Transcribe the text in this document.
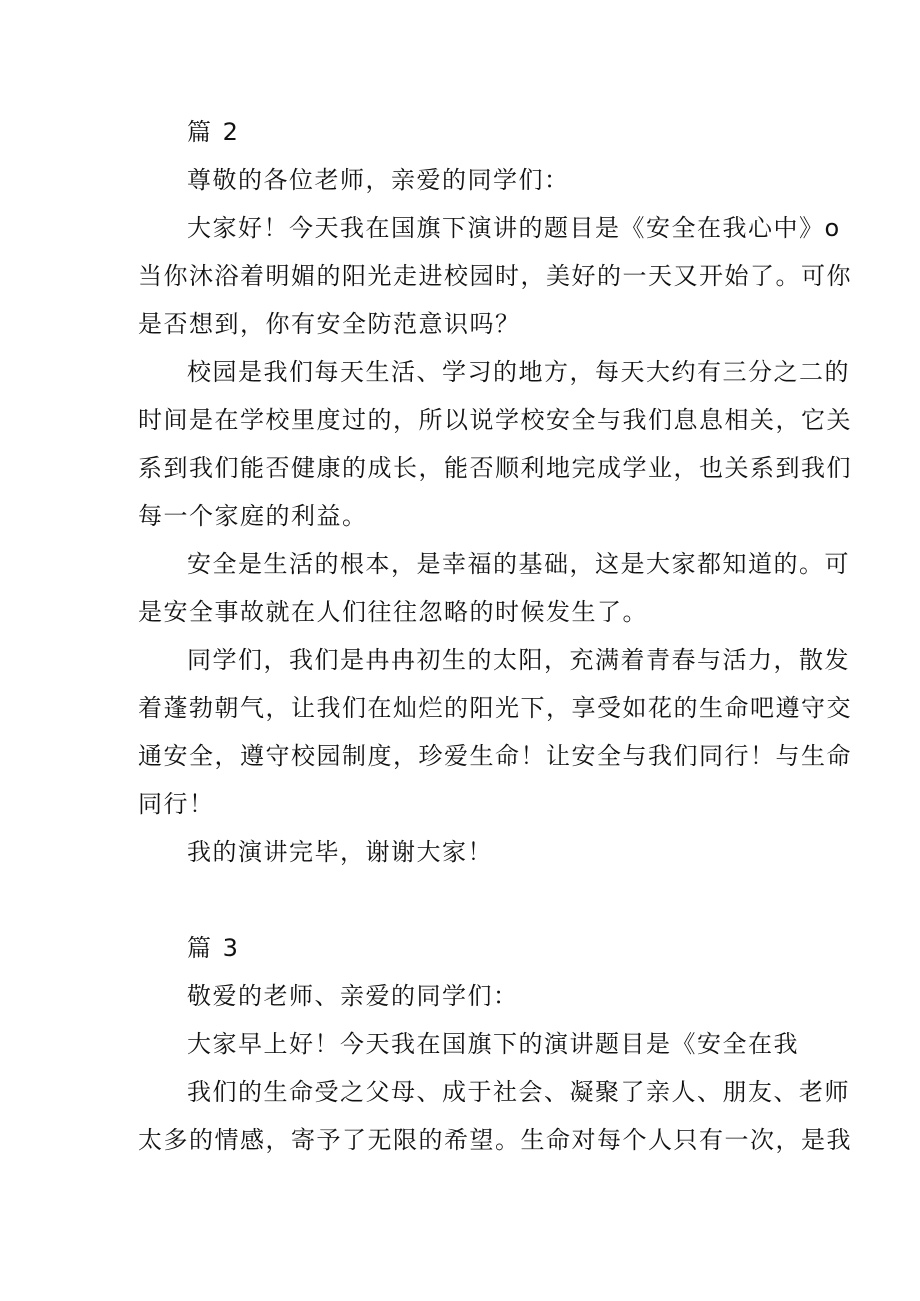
篇 2
尊敬的各位老师，亲爱的同学们：
大家好！今天我在国旗下演讲的题目是《安全在我心中》o
当你沐浴着明媚的阳光走进校园时，美好的一天又开始了。可你
是否想到，你有安全防范意识吗？
校园是我们每天生活、学习的地方，每天大约有三分之二的
时间是在学校里度过的，所以说学校安全与我们息息相关，它关
系到我们能否健康的成长，能否顺利地完成学业，也关系到我们
每一个家庭的利益。
安全是生活的根本，是幸福的基础，这是大家都知道的。可
是安全事故就在人们往往忽略的时候发生了。
同学们，我们是冉冉初生的太阳，充满着青春与活力，散发
着蓬勃朝气，让我们在灿烂的阳光下，享受如花的生命吧遵守交
通安全，遵守校园制度，珍爱生命！让安全与我们同行！与生命
同行！
我的演讲完毕，谢谢大家！
篇 3
敬爱的老师、亲爱的同学们：
大家早上好！今天我在国旗下的演讲题目是《安全在我
我们的生命受之父母、成于社会、凝聚了亲人、朋友、老师
太多的情感，寄予了无限的希望。生命对每个人只有一次，是我
